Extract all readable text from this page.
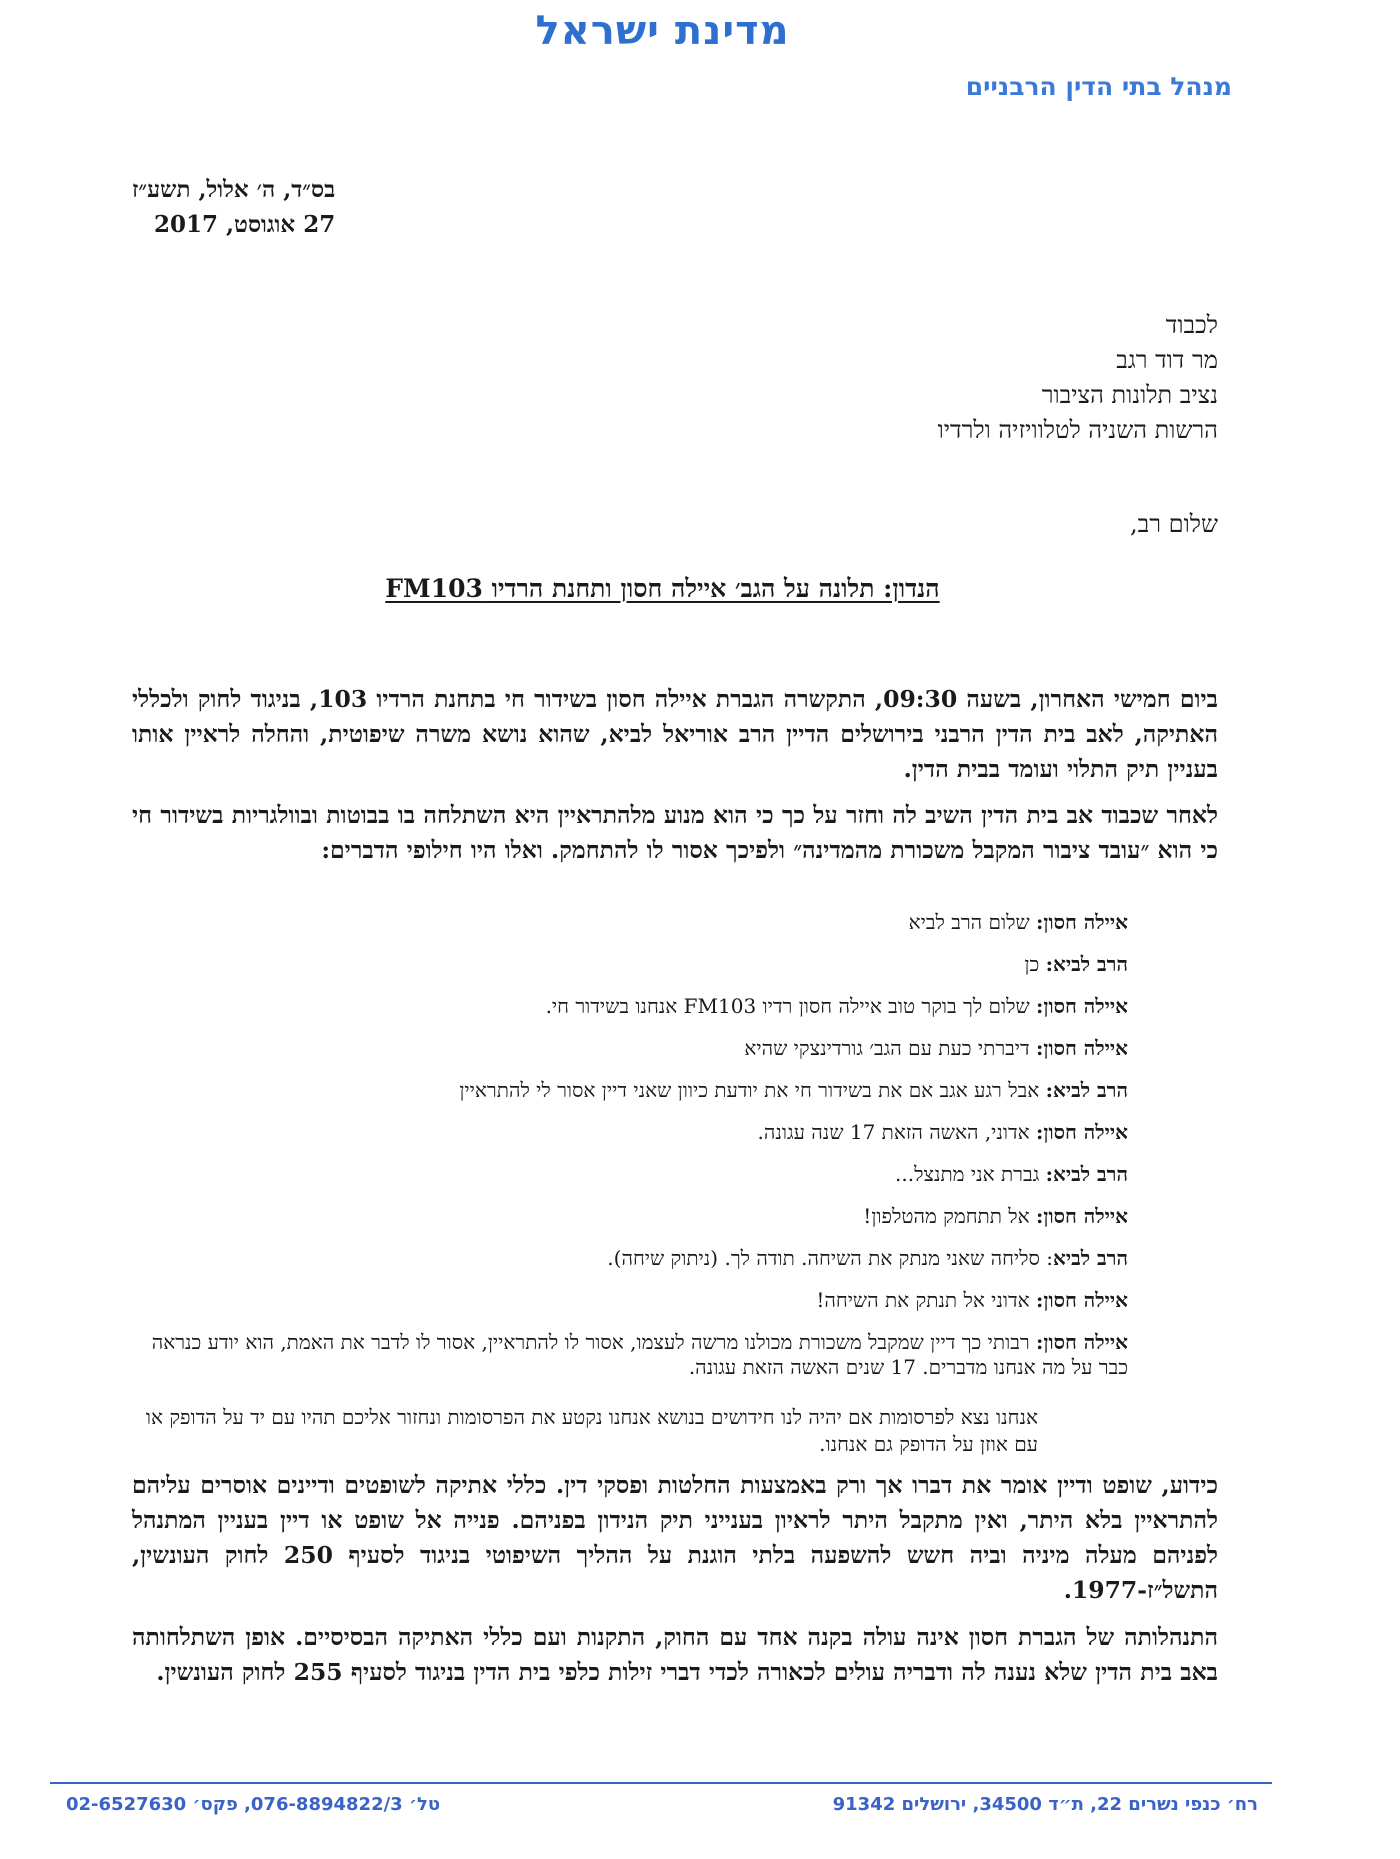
מדינת ישראל
מנהל בתי הדין הרבניים
בס״ד, ה׳ אלול, תשע״ז
27 אוגוסט, 2017
לכבוד
מר דוד רגב
נציב תלונות הציבור
הרשות השניה לטלוויזיה ולרדיו
שלום רב,
הנדון: תלונה על הגב׳ איילה חסון ותחנת הרדיו FM103
ביום חמישי האחרון, בשעה 09:30, התקשרה הגברת איילה חסון בשידור חי בתחנת הרדיו 103, בניגוד לחוק ולכללי האתיקה, לאב בית הדין הרבני בירושלים הדיין הרב אוריאל לביא, שהוא נושא משרה שיפוטית, והחלה לראיין אותו בעניין תיק התלוי ועומד בבית הדין.
לאחר שכבוד אב בית הדין השיב לה וחזר על כך כי הוא מנוע מלהתראיין היא השתלחה בו בבוטות ובוולגריות בשידור חי כי הוא ״עובד ציבור המקבל משכורת מהמדינה״ ולפיכך אסור לו להתחמק. ואלו היו חילופי הדברים:
איילה חסון: שלום הרב לביא
הרב לביא: כן
איילה חסון: שלום לך בוקר טוב איילה חסון רדיו FM103 אנחנו בשידור חי.
איילה חסון: דיברתי כעת עם הגב׳ גורדינצקי שהיא
הרב לביא: אבל רגע אגב אם את בשידור חי את יודעת כיוון שאני דיין אסור לי להתראיין
איילה חסון: אדוני, האשה הזאת 17 שנה עגונה.
הרב לביא: גברת אני מתנצל...
איילה חסון: אל תתחמק מהטלפון!
הרב לביא: סליחה שאני מנתק את השיחה. תודה לך. (ניתוק שיחה).
איילה חסון: אדוני אל תנתק את השיחה!
איילה חסון: רבותי כך דיין שמקבל משכורת מכולנו מרשה לעצמו, אסור לו להתראיין, אסור לו לדבר את האמת, הוא יודע כנראה כבר על מה אנחנו מדברים. 17 שנים האשה הזאת עגונה.
אנחנו נצא לפרסומות אם יהיה לנו חידושים בנושא אנחנו נקטע את הפרסומות ונחזור אליכם תהיו עם יד על הדופק או עם אוזן על הדופק גם אנחנו.
כידוע, שופט ודיין אומר את דברו אך ורק באמצעות החלטות ופסקי דין. כללי אתיקה לשופטים ודיינים אוסרים עליהם להתראיין בלא היתר, ואין מתקבל היתר לראיון בענייני תיק הנידון בפניהם. פנייה אל שופט או דיין בעניין המתנהל לפניהם מעלה מיניה וביה חשש להשפעה בלתי הוגנת על ההליך השיפוטי בניגוד לסעיף 250 לחוק העונשין, התשל״ז-1977.
התנהלותה של הגברת חסון אינה עולה בקנה אחד עם החוק, התקנות ועם כללי האתיקה הבסיסיים. אופן השתלחותה באב בית הדין שלא נענה לה ודבריה עולים לכאורה לכדי דברי זילות כלפי בית הדין בניגוד לסעיף 255 לחוק העונשין.
רח׳ כנפי נשרים 22, ת״ד 34500, ירושלים 91342
טל׳ 076-8894822/3, פקס׳ 02-6527630
